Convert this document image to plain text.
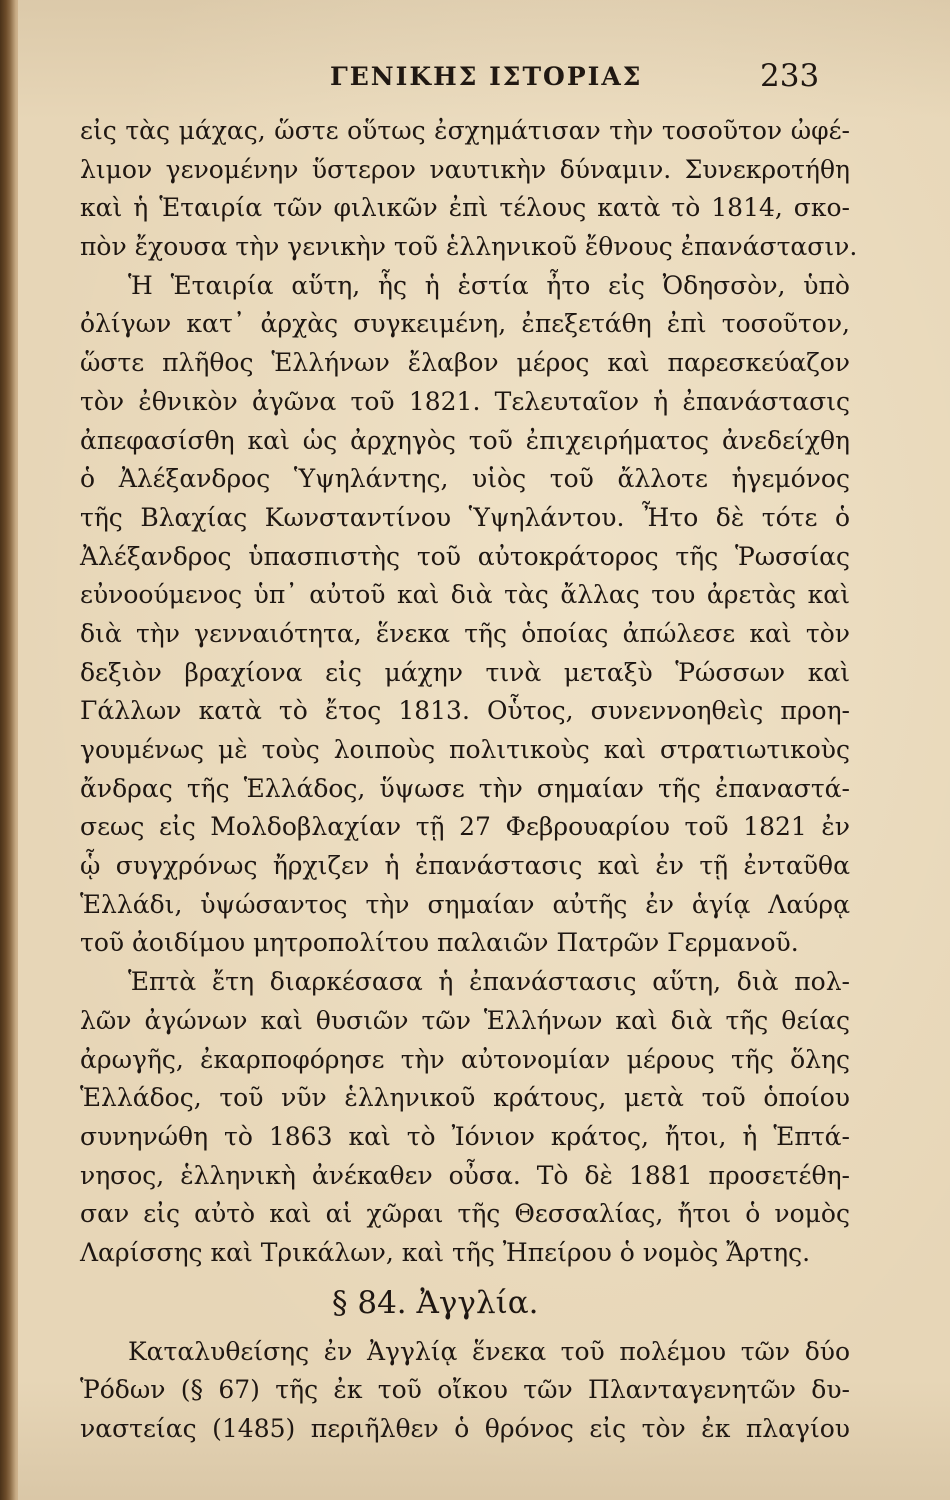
ΓΕΝΙΚΗΣ ΙΣΤΟΡΙΑΣ	233
εἰς τὰς μάχας, ὥστε οὕτως ἐσχημάτισαν τὴν τοσοῦτον ὠφέ-
λιμον γενομένην ὕστερον ναυτικὴν δύναμιν. Συνεκροτήθη
καὶ ἡ Ἑταιρία τῶν φιλικῶν ἐπὶ τέλους κατὰ τὸ 1814, σκο-
πὸν ἔχουσα τὴν γενικὴν τοῦ ἑλληνικοῦ ἔθνους ἐπανάστασιν.
Ἡ Ἑταιρία αὕτη, ἧς ἡ ἑστία ἦτο εἰς Ὀδησσὸν, ὑπὸ
ὀλίγων κατ᾽ ἀρχὰς συγκειμένη, ἐπεξετάθη ἐπὶ τοσοῦτον,
ὥστε πλῆθος Ἑλλήνων ἔλαβον μέρος καὶ παρεσκεύαζον
τὸν ἐθνικὸν ἀγῶνα τοῦ 1821. Τελευταῖον ἡ ἐπανάστασις
ἀπεφασίσθη καὶ ὡς ἀρχηγὸς τοῦ ἐπιχειρήματος ἀνεδείχθη
ὁ Ἀλέξανδρος Ὑψηλάντης, υἱὸς τοῦ ἄλλοτε ἡγεμόνος
τῆς Βλαχίας Κωνσταντίνου Ὑψηλάντου. Ἦτο δὲ τότε ὁ
Ἀλέξανδρος ὑπασπιστὴς τοῦ αὐτοκράτορος τῆς Ῥωσσίας
εὐνοούμενος ὑπ᾽ αὐτοῦ καὶ διὰ τὰς ἄλλας του ἀρετὰς καὶ
διὰ τὴν γενναιότητα, ἕνεκα τῆς ὁποίας ἀπώλεσε καὶ τὸν
δεξιὸν βραχίονα εἰς μάχην τινὰ μεταξὺ Ῥώσσων καὶ
Γάλλων κατὰ τὸ ἔτος 1813. Οὗτος, συνεννοηθεὶς προη-
γουμένως μὲ τοὺς λοιποὺς πολιτικοὺς καὶ στρατιωτικοὺς
ἄνδρας τῆς Ἑλλάδος, ὕψωσε τὴν σημαίαν τῆς ἐπαναστά-
σεως εἰς Μολδοβλαχίαν τῇ 27 Φεβρουαρίου τοῦ 1821 ἐν
ᾧ συγχρόνως ἤρχιζεν ἡ ἐπανάστασις καὶ ἐν τῇ ἐνταῦθα
Ἑλλάδι, ὑψώσαντος τὴν σημαίαν αὐτῆς ἐν ἁγίᾳ Λαύρᾳ
τοῦ ἀοιδίμου μητροπολίτου παλαιῶν Πατρῶν Γερμανοῦ.
Ἑπτὰ ἔτη διαρκέσασα ἡ ἐπανάστασις αὕτη, διὰ πολ-
λῶν ἀγώνων καὶ θυσιῶν τῶν Ἑλλήνων καὶ διὰ τῆς θείας
ἀρωγῆς, ἐκαρποφόρησε τὴν αὐτονομίαν μέρους τῆς ὅλης
Ἑλλάδος, τοῦ νῦν ἑλληνικοῦ κράτους, μετὰ τοῦ ὁποίου
συνηνώθη τὸ 1863 καὶ τὸ Ἰόνιον κράτος, ἤτοι, ἡ Ἑπτά-
νησος, ἑλληνικὴ ἀνέκαθεν οὖσα. Τὸ δὲ 1881 προσετέθη-
σαν εἰς αὐτὸ καὶ αἱ χῶραι τῆς Θεσσαλίας, ἤτοι ὁ νομὸς
Λαρίσσης καὶ Τρικάλων, καὶ τῆς Ἠπείρου ὁ νομὸς Ἄρτης.
§ 84. Ἀγγλία.
Καταλυθείσης ἐν Ἀγγλίᾳ ἕνεκα τοῦ πολέμου τῶν δύο
Ῥόδων (§ 67) τῆς ἐκ τοῦ οἴκου τῶν Πλανταγενητῶν δυ-
ναστείας (1485) περιῆλθεν ὁ θρόνος εἰς τὸν ἐκ πλαγίου
